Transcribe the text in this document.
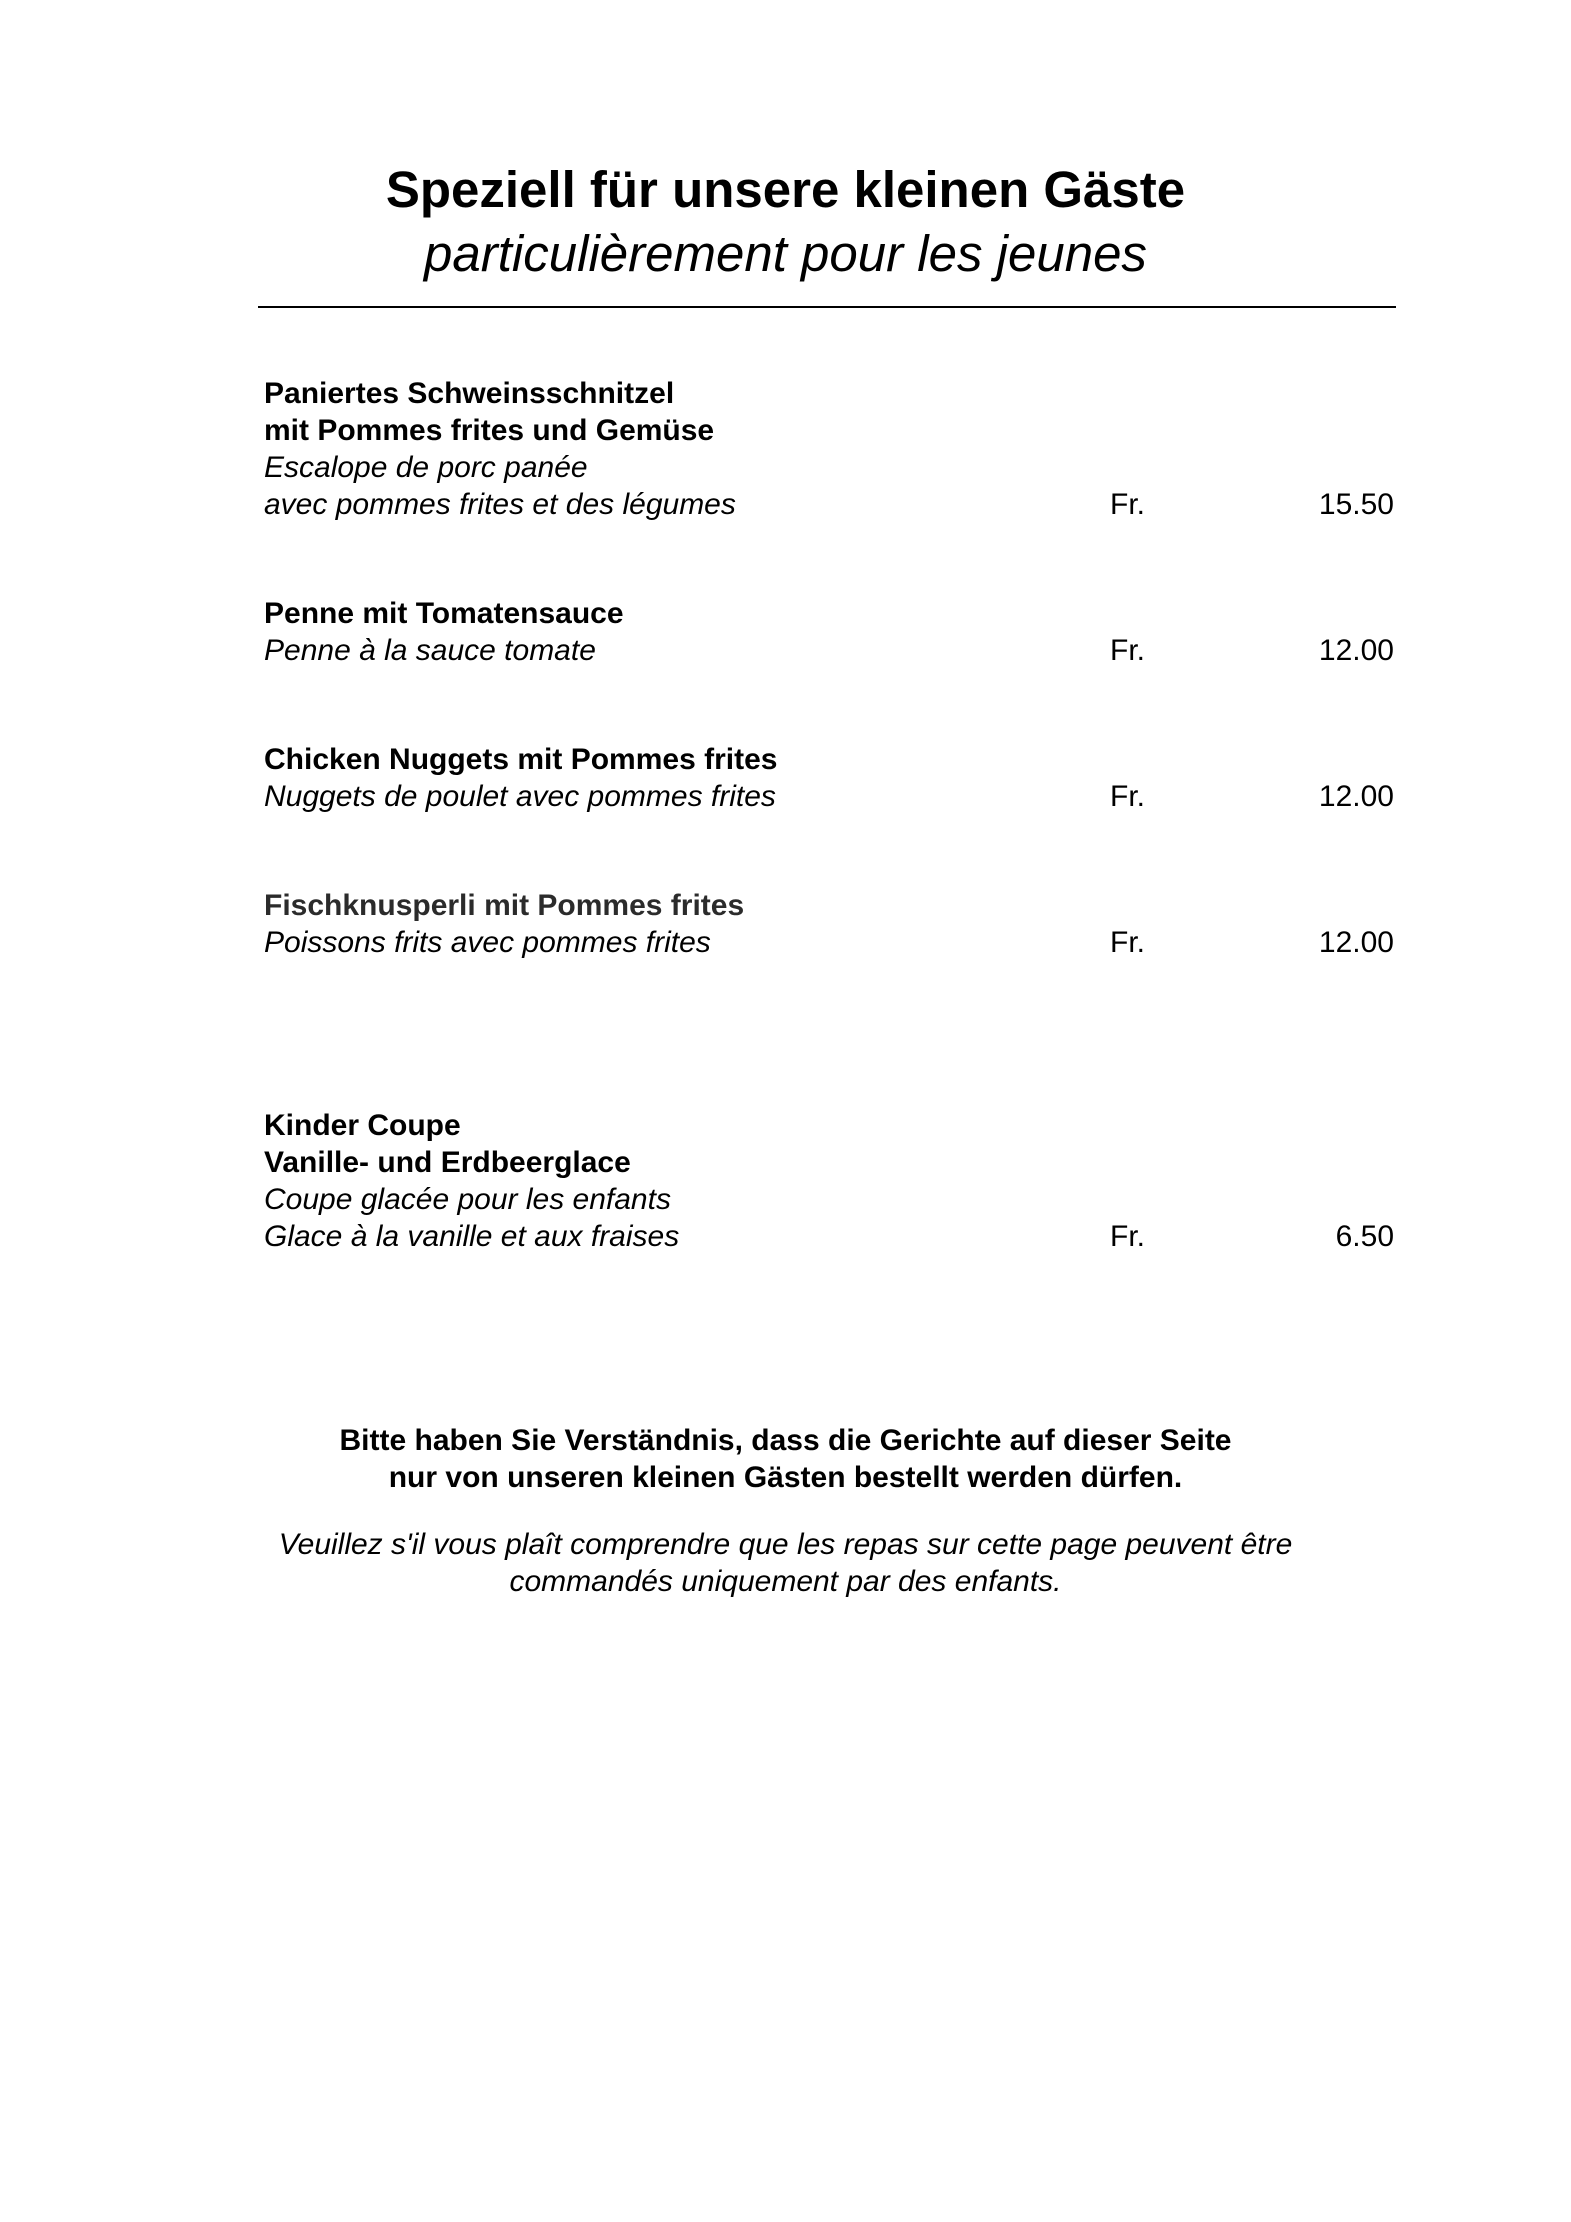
Speziell für unsere kleinen Gäste
particulièrement pour les jeunes
Paniertes Schweinsschnitzel
mit Pommes frites und Gemüse
Escalope de porc panée
avec pommes frites et des légumes	Fr.	15.50
Penne mit Tomatensauce
Penne à la sauce tomate	Fr.	12.00
Chicken Nuggets mit Pommes frites
Nuggets de poulet avec pommes frites	Fr.	12.00
Fischknusperli mit Pommes frites
Poissons frits avec pommes frites	Fr.	12.00
Kinder Coupe
Vanille- und Erdbeerglace
Coupe glacée pour les enfants
Glace à la vanille et aux fraises	Fr.	6.50
Bitte haben Sie Verständnis, dass die Gerichte auf dieser Seite
nur von unseren kleinen Gästen bestellt werden dürfen.
Veuillez s'il vous plaît comprendre que les repas sur cette page peuvent être
commandés uniquement par des enfants.
